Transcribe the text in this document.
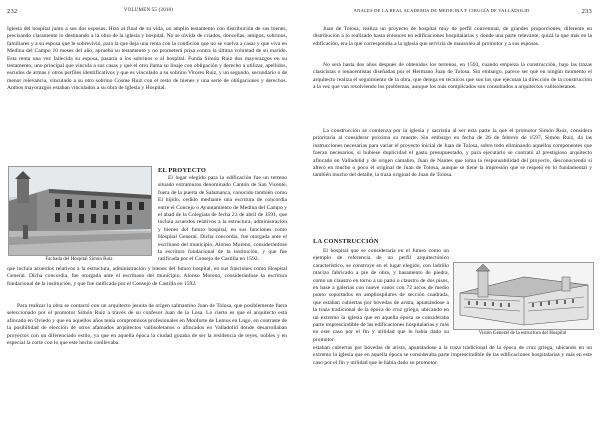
232	VOLUMEN 55 (2018)

Iglesia del hospital junto a sus dos esposas. Hizo al final de su vida, un amplio testamento con distribución de sus bienes, precisando claramente lo destinando a la obra de la iglesia y hospital. No se olvida de criados, doncellas, amigos, sobrinos, familiares y a su esposa que le sobrevivió, para la que deja una renta con la condición que no se vuelva a casar y que viva en Medina del Campo 10 meses del año, aprueba su testamento y no prometerá prisa contra la última voluntad de su marido. Esta renta una vez fallecida su esposa, pasaría a los sobrinos o al hospital. Funda Simón Ruiz dos mayorazgos en su testamento, uno principal que vincula a sus casas y que el otro llama su linaje con obligación y derecho a utilizar, apellidos, escudos de armas y otros perfiles identificativos y que es vinculado a su sobrino Vitores Ruiz, y un segundo, secundario o de menor relevancia, vinculado a su otro sobrino Cosme Ruiz con el resto de bienes y una serie de obligaciones y derechos. Ambos mayorazgos estaban vinculados a su obra de Iglesia y Hospital.

Fachada del Hospital Simón Ruiz
EL PROYECTO

El lugar elegido para la edificación fue un terreno situado extramuros denominado Cantón de San Vicente, fuera de la puerta de Salamanca, conocido también como El hijido, cedido mediante una escritura de concordia entre el Concejo o Ayuntamiento de Medina del Campo y el abad de la Colegiata de fecha 23 de abril de 1591, que incluía acuerdos relativos a la estructura, administración y bienes del futuro hospital, en sus funciones como Hospital General. Dicha concordia, fue otorgada ante el escribano del municipio, Alonso Moreno, consideránfose la escritura fundacional de la institución, y que fue ratificada por el Consejo de Castilla en 1592.

que incluía acuerdos relativos a la estructura, administración y bienes del futuro hospital, en sus funciones como Hospital General. Dicha concordia, fue otorgada ante el escribano del municipio, Alonso Moreno, consideránfose la escritura fundacional de la institución, y que fue ratificada por el Consejo de Castilla en 1592.

Para realizar la obra se contactó con un arquitecto jesuita de origen salmantino Juan de Tolosa, que posiblemente fuera seleccionado por el promotor Simón Ruiz a través de su confesor Juan de la Losa. Lo cierto es que el arquitecto está afincado en Oviedo y que en aquellos años tenía compromisos profesionales en Monforte de Lemos en Lugo, en contraste de la posibilidad de elección de otros afamados arquitectos vallisoletanos o afincados en Valladolid donde desarrollaban proyectos con un diferenciado estilo, ya que en aquella época la ciudad gozaba de ser la residencia de reyes, nobles y en especial la corte con lo que este hecho conllevaba.

ANALES DE LA REAL ACADEMIA DE MEDICINA Y CIRUGÍA DE VALLADOLID	233

Juan de Tolosa, realiza un proyecto de hospital muy de perfil conventual, de grandes proporciones, diferente en distribución a lo realizado hasta entonces en edificaciones hospitalarias y donde una parte relevante, quizá la que más en la edificación, era la que correspondía a la iglesia que serviría de mausoleo al promotor y a sus esposas.

No será hasta dos años después de obtenidos los terrenos, en 1593, cuando empieza la construcción, bajo las trazas clasicistas o renacentistas diseñadas por el Hermano Juan de Tolosa. Sin embargo, parece ser que en ningún momento el arquitecto realiza el seguimiento de la obra, que delega en técnicos que son los que ejecutan la dirección de la construcción a la vez que van resolviendo los problemas, aunque los más complicados son consultados a arquitectos vallisoletanos.

La construcción se comienza por la iglesia y sacristía al ser esta parte la que el promotor Simón Ruiz, considera prioritaria al considerar próxima su muerte. Sin embargo en fecha de 26 de febrero de 1597, Simón Ruiz, da las instrucciones necesarias para variar el proyecto inicial de Juan de Tolosa, sobre todo eliminando aquellos componentes que fueran necesarios, si hubiese duplicidad el gasto presupuestado, y para ejecutarlo se contrató al prestigioso arquitecto afincado en Valladolid y de origen cántabro, Juan de Nantes que toma la responsabilidad del proyecto, desconociendo si alteró en mucho o poco el original de Juan de Tolosa, aunque se tiene la impresión que se respetó en lo fundamental y también mucho del detalle, la traza original de Juan de Tolosa.

LA CONSTRUCCIÓN

El hospital que se consideraría en el futuro como un ejemplo de referencia de un perfil arquitectónico característico, se construye en el lugar elegido, con ladrillo macizo fabricado a pie de obra, y basamento de piedra, como un claustro en torno a un patio o claustro de dos pisos, en base a galerías con nueve vanos con 72 arcos de medio punto soportados en ampliospilares de sección cuadrada, que estaban cubiertas por bóvedas de arista, apuntándose a la traza tradicional de la época de cruz griega, ubicando en un extremo la iglesia que en aquella época se consideraba parte imprescindible de las edificaciones hospitalarias y más en este caso por el fin y utilidad que le había dado su promotor.

Visión General de la estructura del Hospital

estaban cubiertas por bóvedas de arista, apuntándose a la traza tradicional de la época de cruz griega, ubicando en un extremo la iglesia que en aquella época se consideraba parte imprescindible de las edificaciones hospitalarias y más en este caso por el fin y utilidad que le había dado su promotor.
